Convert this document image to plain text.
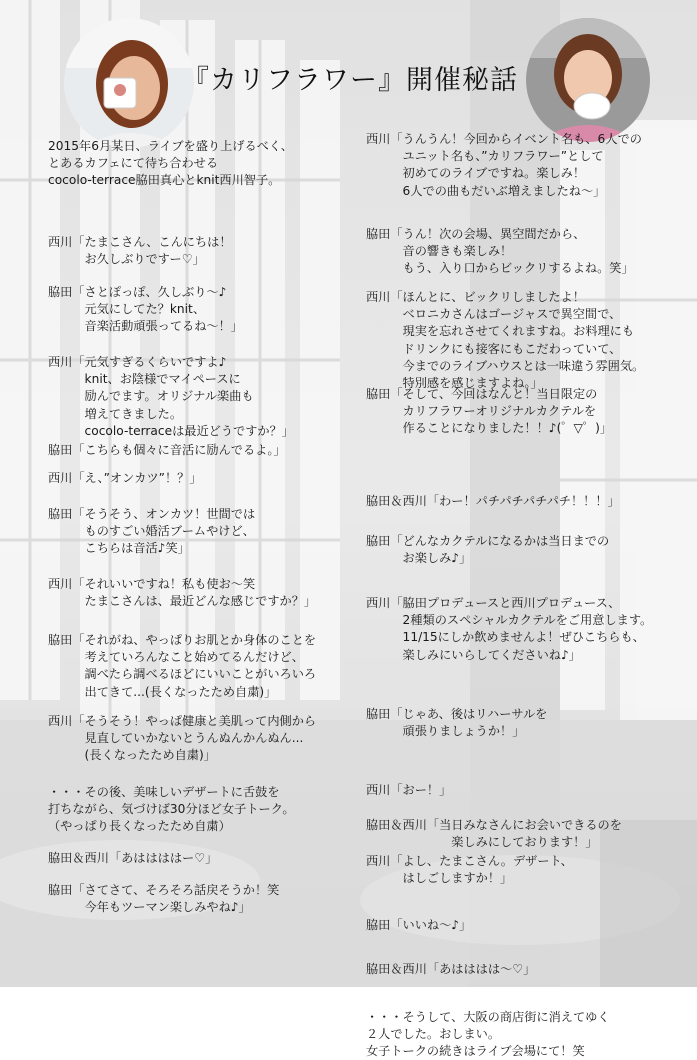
『カリフラワー』開催秘話

2015年6月某日、ライブを盛り上げるべく、
とあるカフェにて待ち合わせる
cocolo-terrace脇田真心とknit西川智子。

西川「たまこさん、こんにちは！
　　　お久しぶりですー♡」

脇田「さとぽっぽ、久しぶり～♪
　　　元気にしてた？knit、
　　　音楽活動頑張ってるね～！」

西川「元気すぎるくらいですよ♪
　　　knit、お陰様でマイペースに
　　　励んでます。オリジナル楽曲も
　　　増えてきました。
　　　cocolo-terraceは最近どうですか？」

脇田「こちらも個々に音活に励んでるよ。」

西川「え、”オンカツ”！？」

脇田「そうそう、オンカツ！世間では
　　　ものすごい婚活ブームやけど、
　　　こちらは音活♪笑」

西川「それいいですね！私も使お～笑
　　　たまこさんは、最近どんな感じですか？」

脇田「それがね、やっぱりお肌とか身体のことを
　　　考えていろんなこと始めてるんだけど、
　　　調べたら調べるほどにいいことがいろいろ
　　　出てきて...(長くなったため自粛)」

西川「そうそう！やっぱ健康と美肌って内側から
　　　見直していかないとうんぬんかんぬん...
　　　(長くなったため自粛)」

・・・その後、美味しいデザートに舌鼓を
打ちながら、気づけば30分ほど女子トーク。
（やっぱり長くなったため自粛）

脇田＆西川「あははははー♡」

脇田「さてさて、そろそろ話戻そうか！笑
　　　今年もツーマン楽しみやね♪」

西川「うんうん！今回からイベント名も、6人での
　　　ユニット名も、”カリフラワー”として
　　　初めてのライブですね。楽しみ！
　　　6人での曲もだいぶ増えましたね～」

脇田「うん！次の会場、異空間だから、
　　　音の響きも楽しみ！
　　　もう、入り口からビックリするよね。笑」

西川「ほんとに、ビックリしましたよ！
　　　ベロニカさんはゴージャスで異空間で、
　　　現実を忘れさせてくれますね。お料理にも
　　　ドリンクにも接客にもこだわっていて、
　　　今までのライブハウスとは一味違う雰囲気。
　　　特別感を感じますよね。」

脇田「そして、今回はなんと！当日限定の
　　　カリフラワーオリジナルカクテルを
　　　作ることになりました！！♪(゜▽゜)」

脇田＆西川「わー！パチパチパチパチ！！！」

脇田「どんなカクテルになるかは当日までの
　　　お楽しみ♪」

西川「脇田プロデュースと西川プロデュース、
　　　2種類のスペシャルカクテルをご用意します。
　　　11/15にしか飲めませんよ！ぜひこちらも、
　　　楽しみにいらしてくださいね♪」

脇田「じゃあ、後はリハーサルを
　　　頑張りましょうか！」

西川「おー！」

脇田＆西川「当日みなさんにお会いできるのを
　　　　　　　楽しみにしております！」

西川「よし、たまこさん。デザート、
　　　はしごしますか！」

脇田「いいね～♪」

脇田＆西川「あはははは～♡」

・・・そうして、大阪の商店街に消えてゆく
２人でした。おしまい。

女子トークの続きはライブ会場にて！笑
